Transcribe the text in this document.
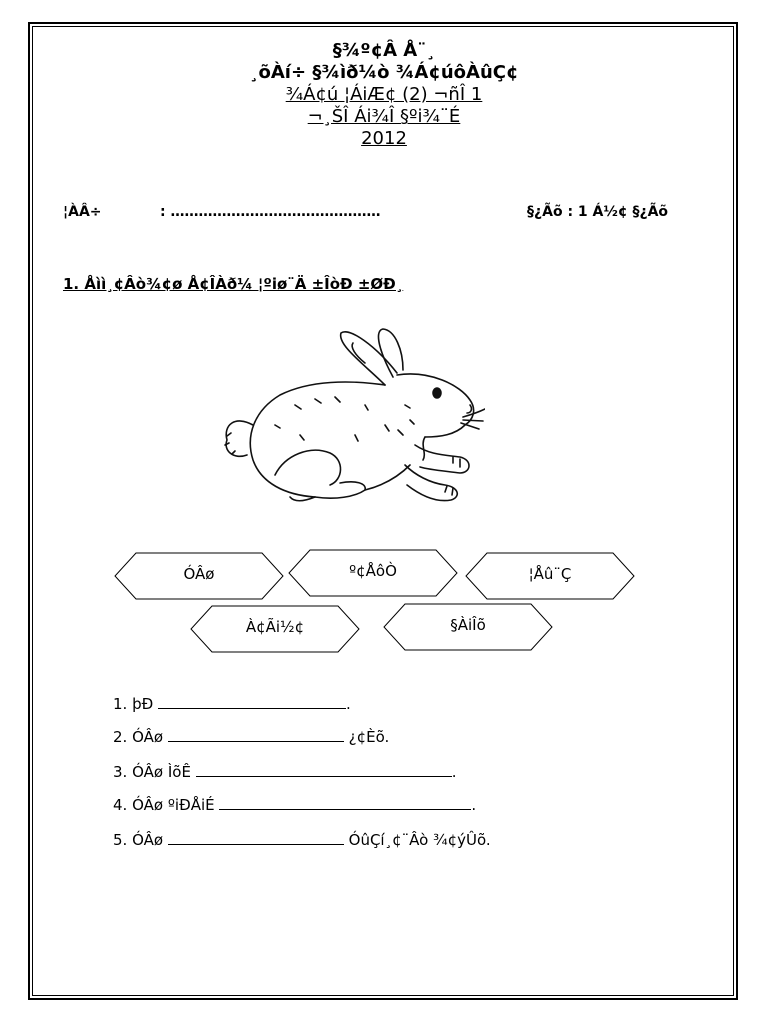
§¾º¢Â Å¨¸
¸õÀí÷ §¾ìð¼ò ¾Á¢úôÀûÇ¢
¾Á¢ú ¦ÁiÆ¢ (2) ¬ñÎ 1
¬¸ŠÎ Ái¾Î §ºi¾¨É
2012
¦ÀÂ÷	: ………………………………………	§¿Ãõ : 1 Á½¢ §¿Ãõ
1. Åìì¸¢Âò¾¢ø Å¢ÎÀð¼ ¦ºiø¨Ä ±ÎòÐ ±ØÐ¸
ÓÂø	º¢ÅôÒ	¦Åû¨Ç
À¢Ãi½¢	§ÀiÎõ
1. þÐ	.
2. ÓÂø	¿¢Èõ.
3. ÓÂø ÌõÊ	.
4. ÓÂø ºiÐÅiÉ	.
5. ÓÂø	ÓûÇí¸¢¨Âò ¾¢ýÛõ.
